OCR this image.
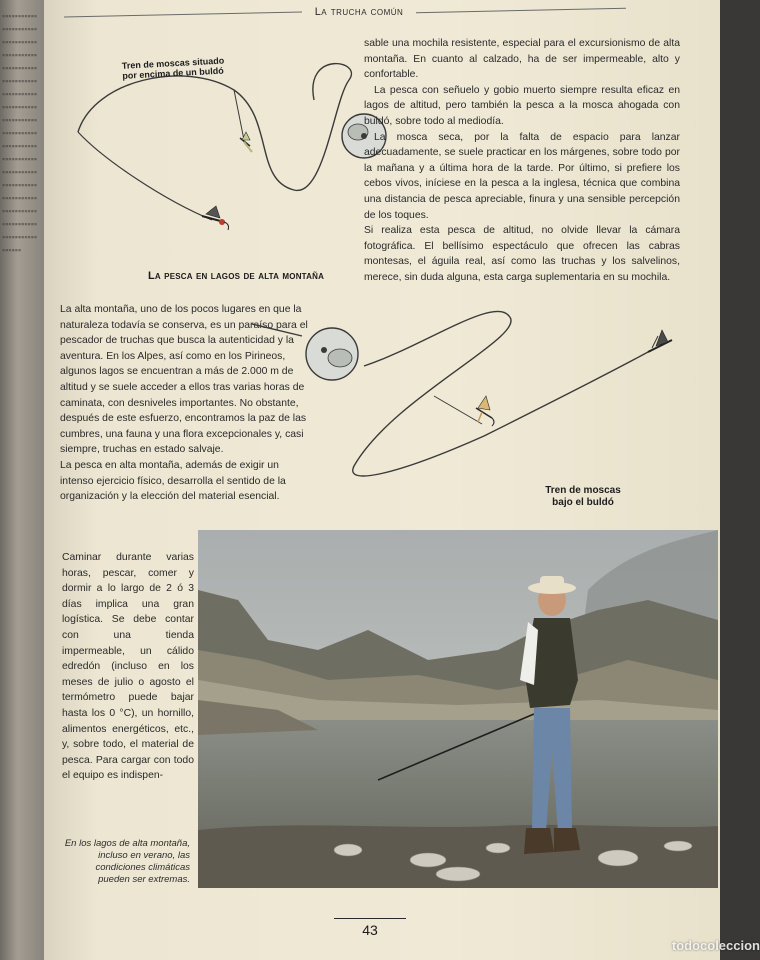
▪▪▪▪▪▪▪▪▪▪▪▪▪▪▪▪▪▪▪▪▪▪▪▪▪▪▪▪▪▪▪▪▪▪▪▪▪▪▪▪▪▪▪▪▪▪▪▪▪▪▪▪▪▪▪▪▪▪▪▪▪▪▪▪▪▪▪▪▪▪▪▪▪▪▪▪▪▪▪▪▪▪▪▪▪▪▪▪▪▪▪▪▪▪▪▪▪▪▪▪▪▪▪▪▪▪▪▪▪▪▪▪▪▪▪▪▪▪▪▪▪▪▪▪▪▪▪▪▪▪▪▪▪▪▪▪▪▪▪▪▪▪▪▪▪▪▪▪▪▪▪▪▪▪▪▪▪▪▪▪▪▪▪▪▪▪▪▪▪▪▪▪▪▪▪▪▪▪▪▪▪▪▪▪▪▪▪▪▪▪▪▪▪▪▪▪▪▪▪▪▪▪▪▪
La trucha común
Tren de moscas situado por encima de un buldó

sable una mochila resistente, especial para el excursionismo de alta montaña. En cuanto al calzado, ha de ser impermeable, alto y confortable.

La pesca con señuelo y gobio muerto siempre resulta eficaz en lagos de altitud, pero también la pesca a la mosca ahogada con buldó, sobre todo al mediodía.

La mosca seca, por la falta de espacio para lanzar adecuadamente, se suele practicar en los márgenes, sobre todo por la mañana y a última hora de la tarde. Por último, si prefiere los cebos vivos, iníciese en la pesca a la inglesa, técnica que combina una distancia de pesca apreciable, finura y una sensible percepción de los toques.

Si realiza esta pesca de altitud, no olvide llevar la cámara fotográfica. El bellísimo espectáculo que ofrecen las cabras montesas, el águila real, así como las truchas y los salvelinos, merece, sin duda alguna, esta carga suplementaria en su mochila.

La pesca en lagos de alta montaña

La alta montaña, uno de los pocos lugares en que la naturaleza todavía se conserva, es un paraíso para el pescador de truchas que busca la autenticidad y la aventura. En los Alpes, así como en los Pirineos, algunos lagos se encuentran a más de 2.000 m de altitud y se suele acceder a ellos tras varias horas de caminata, con desniveles importantes. No obstante, después de este esfuerzo, encontramos la paz de las cumbres, una fauna y una flora excepcionales y, casi siempre, truchas en estado salvaje.

La pesca en alta montaña, además de exigir un intenso ejercicio físico, desarrolla el sentido de la organización y la elección del material esencial.

Tren de moscas bajo el buldó

Caminar durante varias horas, pescar, comer y dormir a lo largo de 2 ó 3 días implica una gran logística. Se debe contar con una tienda impermeable, un cálido edredón (incluso en los meses de julio o agosto el termómetro puede bajar hasta los 0 °C), un hornillo, alimentos energéticos, etc., y, sobre todo, el material de pesca. Para cargar con todo el equipo es indispen-

En los lagos de alta montaña, incluso en verano, las condiciones climáticas pueden ser extremas.
43
todocoleccion
